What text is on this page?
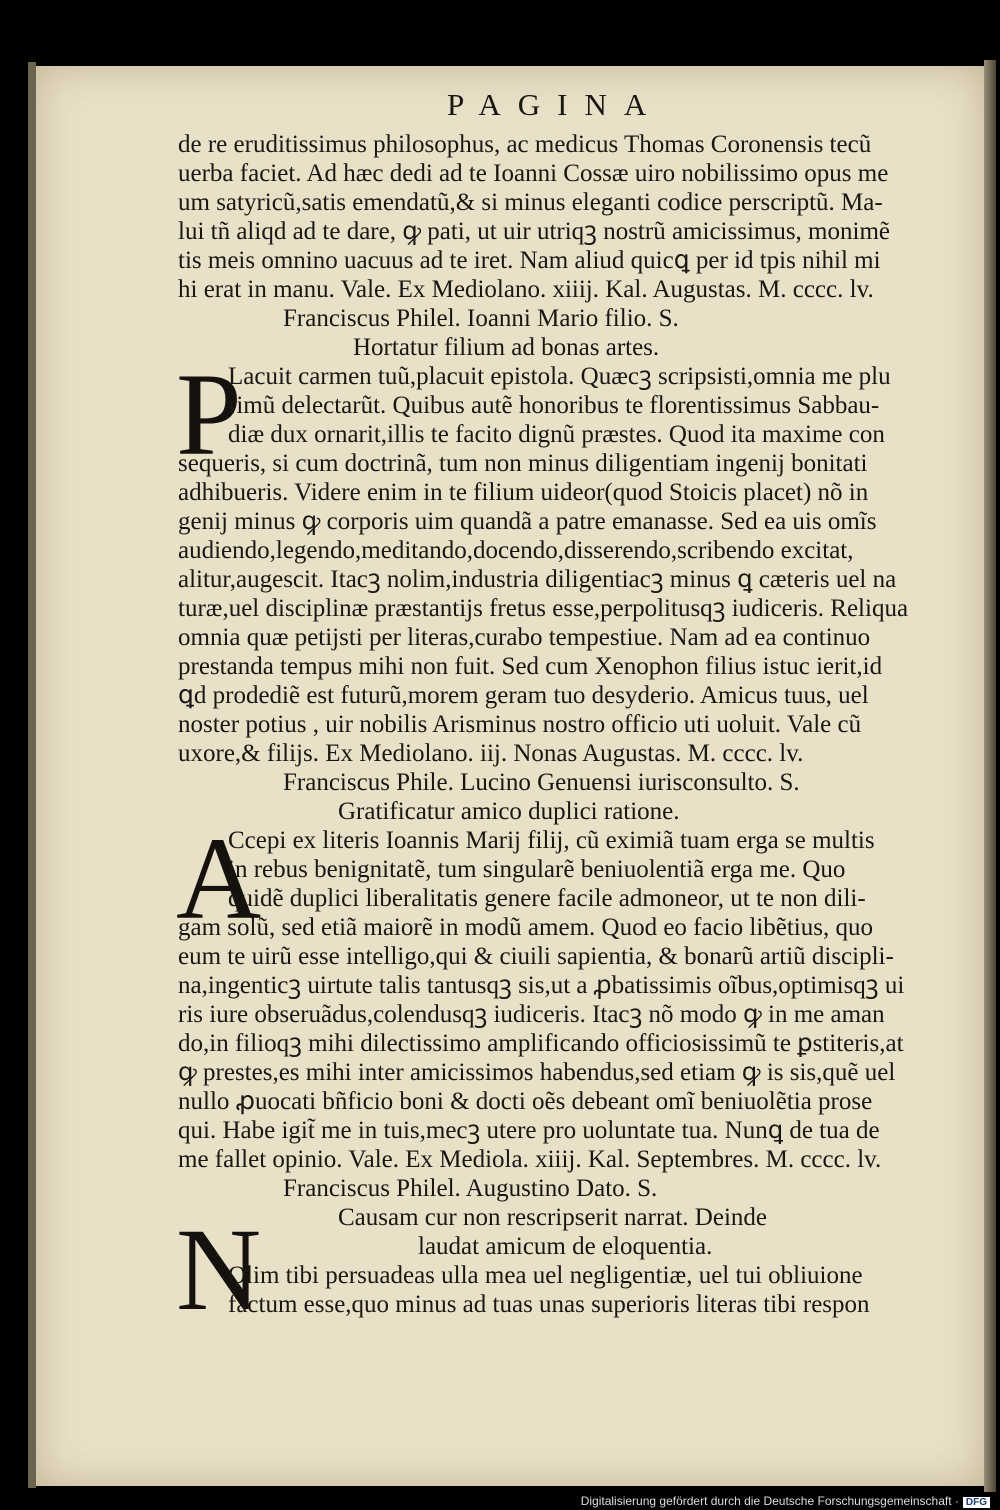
PAGINA
P
A
N
de re eruditissimus philosophus, ac medicus Thomas Coronensis tecũ
uerba faciet. Ad hæc dedi ad te Ioanni Cossæ uiro nobilissimo opus me
um satyricũ,satis emendatũ,& si minus eleganti codice perscriptũ. Ma-
lui tñ aliqd ad te dare, ꝙ pati, ut uir utriqꝫ nostrũ amicissimus, monimẽ
tis meis omnino uacuus ad te iret. Nam aliud quicꝗ per id tpis nihil mi
hi erat in manu. Vale. Ex Mediolano. xiiij. Kal. Augustas. M. cccc. lv.
Franciscus Philel. Ioanni Mario filio. S.
Hortatur filium ad bonas artes.
Lacuit carmen tuũ,placuit epistola. Quæcꝫ scripsisti,omnia me plu
rimũ delectarũt. Quibus autẽ honoribus te florentissimus Sabbau-
diæ dux ornarit,illis te facito dignũ præstes. Quod ita maxime con
sequeris, si cum doctrinã, tum non minus diligentiam ingenij bonitati
adhibueris. Videre enim in te filium uideor(quod Stoicis placet) nõ in
genij minus ꝙ corporis uim quandã a patre emanasse. Sed ea uis omĩs
audiendo,legendo,meditando,docendo,disserendo,scribendo excitat,
alitur,augescit. Itacꝫ nolim,industria diligentiacꝫ minus ꝗ cæteris uel na
turæ,uel disciplinæ præstantijs fretus esse,perpolitusqꝫ iudiceris. Reliqua
omnia quæ petijsti per literas,curabo tempestiue. Nam ad ea continuo
prestanda tempus mihi non fuit. Sed cum Xenophon filius istuc ierit,id
ꝗd prodediẽ est futurũ,morem geram tuo desyderio. Amicus tuus, uel
noster potius , uir nobilis Arisminus nostro officio uti uoluit. Vale cũ
uxore,& filijs. Ex Mediolano. iij. Nonas Augustas. M. cccc. lv.
Franciscus Phile. Lucino Genuensi iurisconsulto. S.
Gratificatur amico duplici ratione.
Ccepi ex literis Ioannis Marij filij, cũ eximiã tuam erga se multis
in rebus benignitatẽ, tum singularẽ beniuolentiã erga me. Quo
quidẽ duplici liberalitatis genere facile admoneor, ut te non dili-
gam solũ, sed etiã maiorẽ in modũ amem. Quod eo facio libẽtius, quo
eum te uirũ esse intelligo,qui & ciuili sapientia, & bonarũ artiũ discipli-
na,ingenticꝫ uirtute talis tantusqꝫ sis,ut a ꝓbatissimis oĩbus,optimisqꝫ ui
ris iure obseruãdus,colendusqꝫ iudiceris. Itacꝫ nõ modo ꝙ in me aman
do,in filioqꝫ mihi dilectissimo amplificando officiosissimũ te ꝑstiteris,at
ꝙ prestes,es mihi inter amicissimos habendus,sed etiam ꝙ is sis,quẽ uel
nullo ꝓuocati bñficio boni & docti oẽs debeant omĩ beniuolẽtia prose
qui. Habe igit̃ me in tuis,mecꝫ utere pro uoluntate tua. Nunꝗ de tua de
me fallet opinio. Vale. Ex Mediola. xiiij. Kal. Septembres. M. cccc. lv.
Franciscus Philel. Augustino Dato. S.
Causam cur non rescripserit narrat. Deinde
laudat amicum de eloquentia.
Olim tibi persuadeas ulla mea uel negligentiæ, uel tui obliuione
factum esse,quo minus ad tuas unas superioris literas tibi respon
Digitalisierung gefördert durch die Deutsche Forschungsgemeinschaft · DFG
